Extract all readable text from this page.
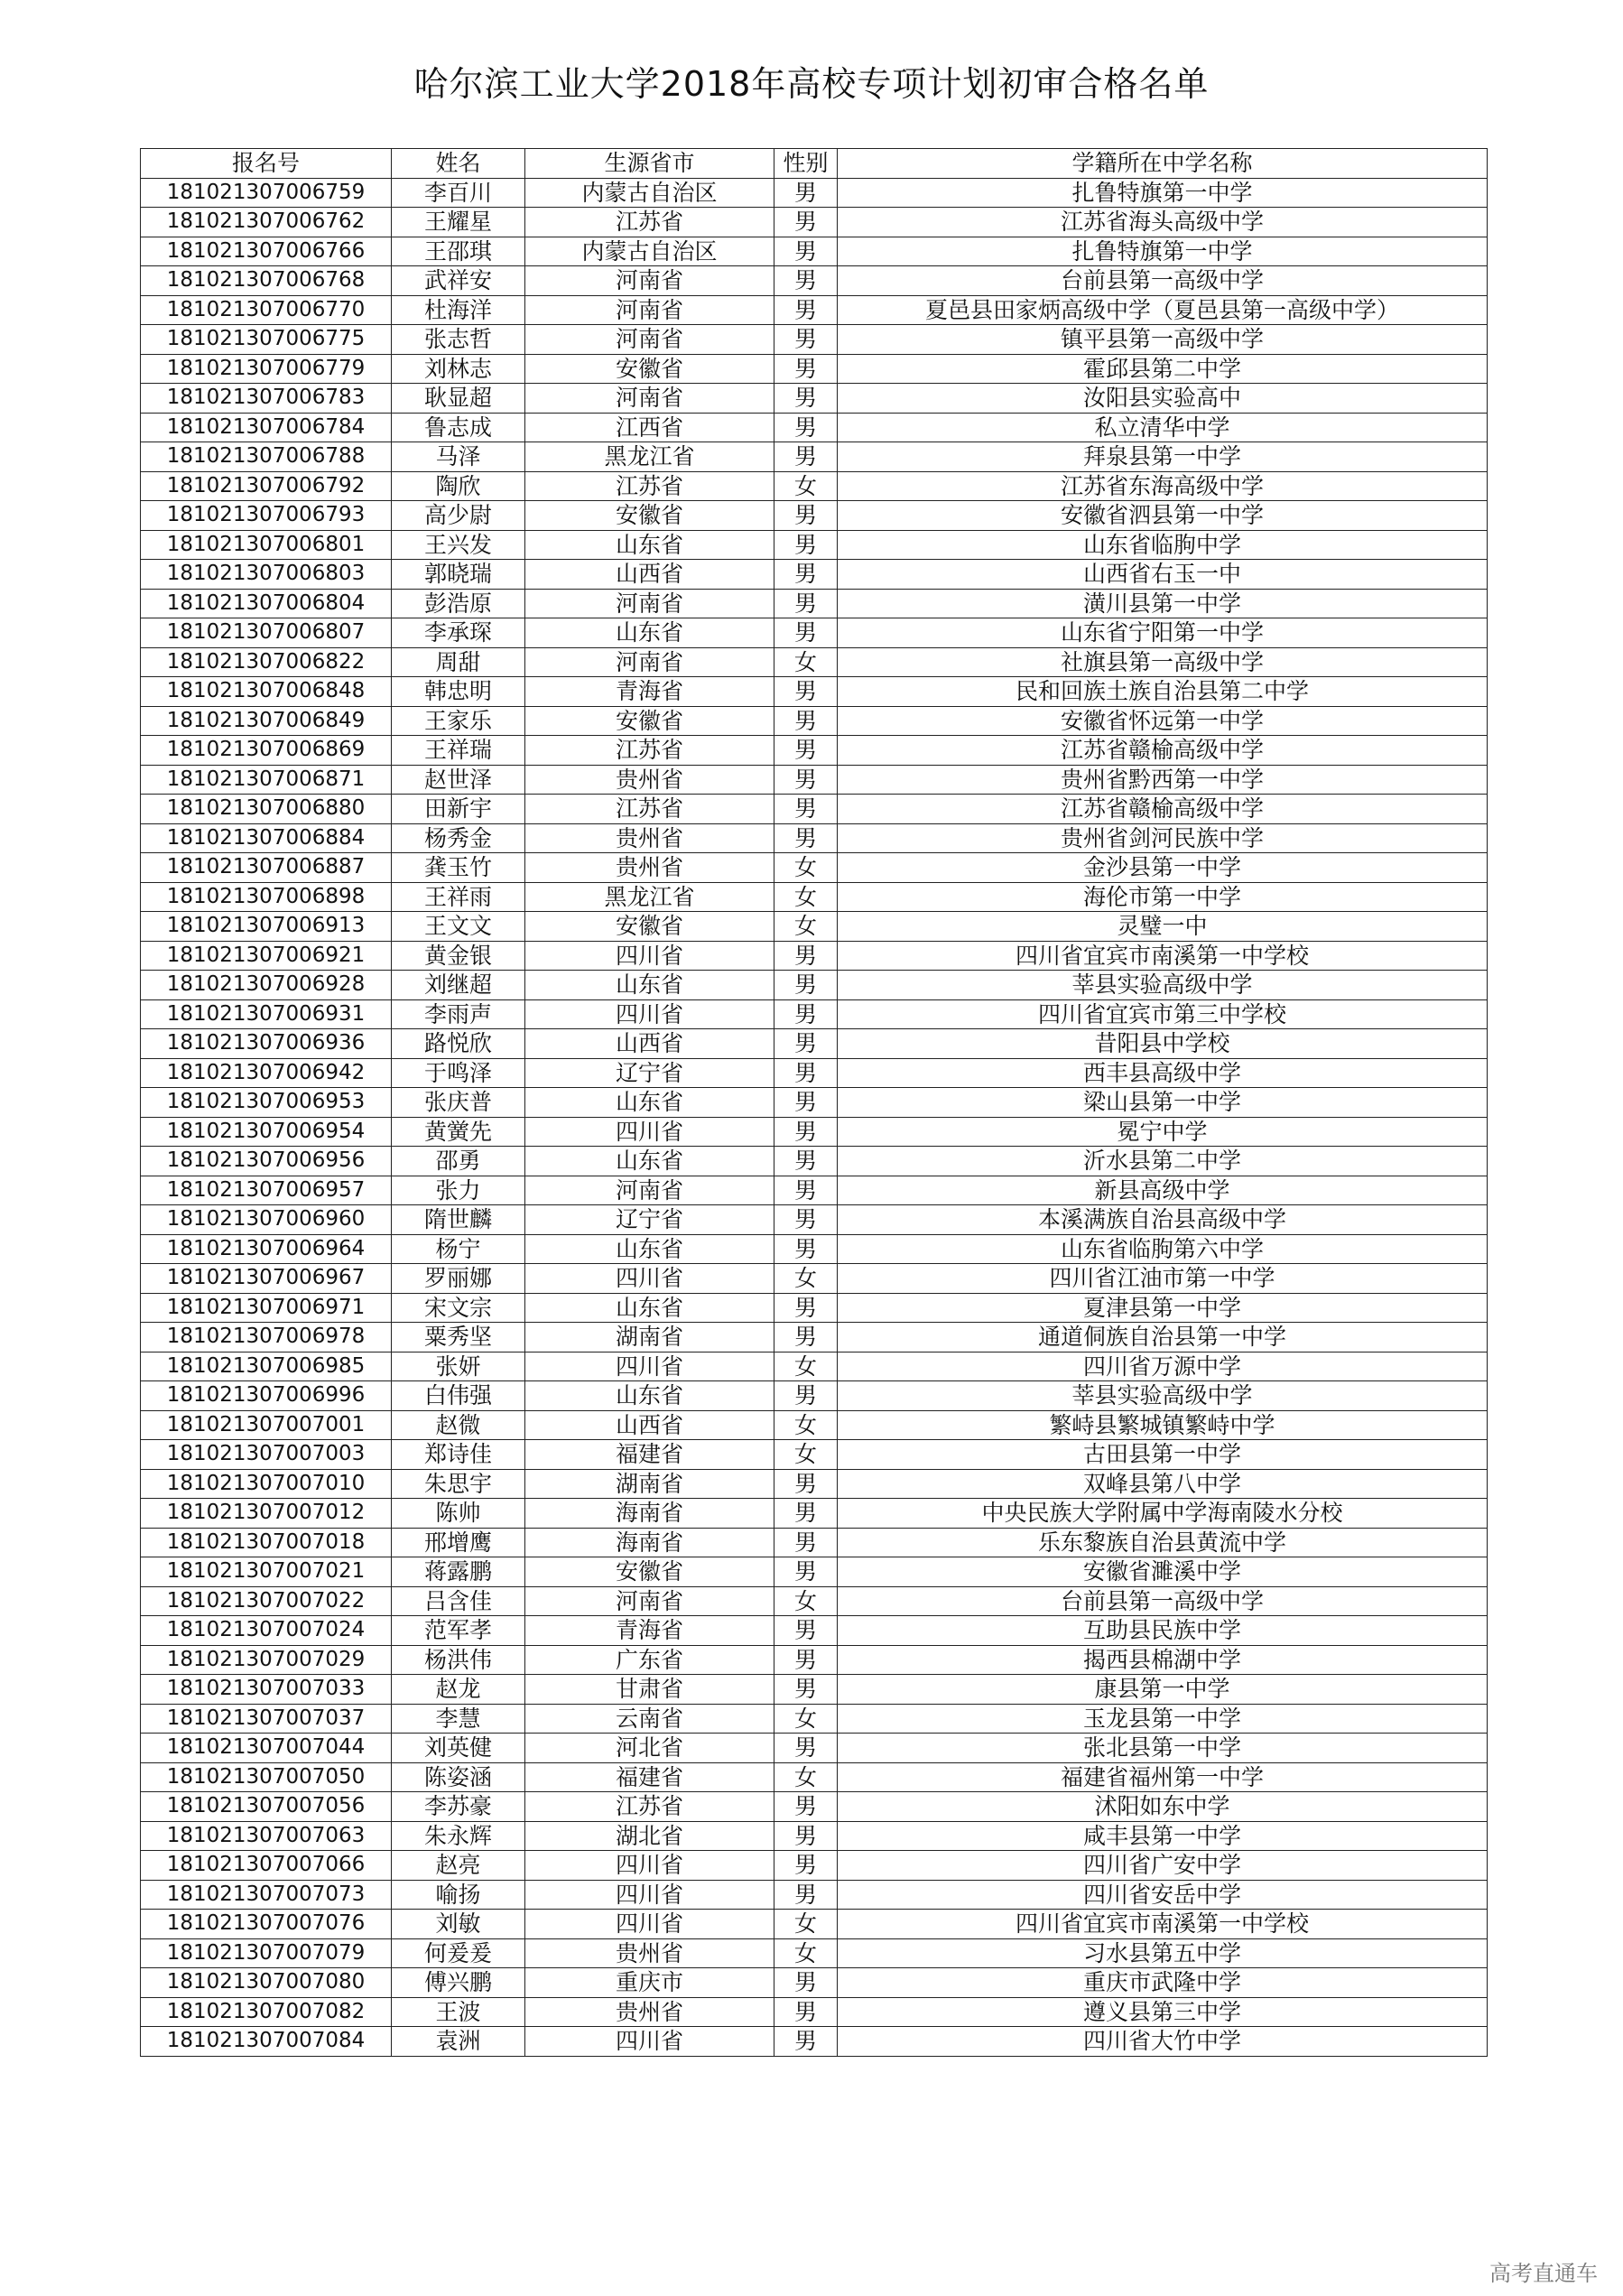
哈尔滨工业大学2018年高校专项计划初审合格名单
报名号	姓名	生源省市	性别	学籍所在中学名称
181021307006759	李百川	内蒙古自治区	男	扎鲁特旗第一中学
181021307006762	王耀星	江苏省	男	江苏省海头高级中学
181021307006766	王邵琪	内蒙古自治区	男	扎鲁特旗第一中学
181021307006768	武祥安	河南省	男	台前县第一高级中学
181021307006770	杜海洋	河南省	男	夏邑县田家炳高级中学（夏邑县第一高级中学）
181021307006775	张志哲	河南省	男	镇平县第一高级中学
181021307006779	刘林志	安徽省	男	霍邱县第二中学
181021307006783	耿显超	河南省	男	汝阳县实验高中
181021307006784	鲁志成	江西省	男	私立清华中学
181021307006788	马泽	黑龙江省	男	拜泉县第一中学
181021307006792	陶欣	江苏省	女	江苏省东海高级中学
181021307006793	高少尉	安徽省	男	安徽省泗县第一中学
181021307006801	王兴发	山东省	男	山东省临朐中学
181021307006803	郭晓瑞	山西省	男	山西省右玉一中
181021307006804	彭浩原	河南省	男	潢川县第一中学
181021307006807	李承琛	山东省	男	山东省宁阳第一中学
181021307006822	周甜	河南省	女	社旗县第一高级中学
181021307006848	韩忠明	青海省	男	民和回族土族自治县第二中学
181021307006849	王家乐	安徽省	男	安徽省怀远第一中学
181021307006869	王祥瑞	江苏省	男	江苏省赣榆高级中学
181021307006871	赵世泽	贵州省	男	贵州省黔西第一中学
181021307006880	田新宇	江苏省	男	江苏省赣榆高级中学
181021307006884	杨秀金	贵州省	男	贵州省剑河民族中学
181021307006887	龚玉竹	贵州省	女	金沙县第一中学
181021307006898	王祥雨	黑龙江省	女	海伦市第一中学
181021307006913	王文文	安徽省	女	灵璧一中
181021307006921	黄金银	四川省	男	四川省宜宾市南溪第一中学校
181021307006928	刘继超	山东省	男	莘县实验高级中学
181021307006931	李雨声	四川省	男	四川省宜宾市第三中学校
181021307006936	路悦欣	山西省	男	昔阳县中学校
181021307006942	于鸣泽	辽宁省	男	西丰县高级中学
181021307006953	张庆普	山东省	男	梁山县第一中学
181021307006954	黄黉先	四川省	男	冕宁中学
181021307006956	邵勇	山东省	男	沂水县第二中学
181021307006957	张力	河南省	男	新县高级中学
181021307006960	隋世麟	辽宁省	男	本溪满族自治县高级中学
181021307006964	杨宁	山东省	男	山东省临朐第六中学
181021307006967	罗丽娜	四川省	女	四川省江油市第一中学
181021307006971	宋文宗	山东省	男	夏津县第一中学
181021307006978	粟秀坚	湖南省	男	通道侗族自治县第一中学
181021307006985	张妍	四川省	女	四川省万源中学
181021307006996	白伟强	山东省	男	莘县实验高级中学
181021307007001	赵微	山西省	女	繁峙县繁城镇繁峙中学
181021307007003	郑诗佳	福建省	女	古田县第一中学
181021307007010	朱思宇	湖南省	男	双峰县第八中学
181021307007012	陈帅	海南省	男	中央民族大学附属中学海南陵水分校
181021307007018	邢增鹰	海南省	男	乐东黎族自治县黄流中学
181021307007021	蒋露鹏	安徽省	男	安徽省濉溪中学
181021307007022	吕含佳	河南省	女	台前县第一高级中学
181021307007024	范军孝	青海省	男	互助县民族中学
181021307007029	杨洪伟	广东省	男	揭西县棉湖中学
181021307007033	赵龙	甘肃省	男	康县第一中学
181021307007037	李慧	云南省	女	玉龙县第一中学
181021307007044	刘英健	河北省	男	张北县第一中学
181021307007050	陈姿涵	福建省	女	福建省福州第一中学
181021307007056	李苏豪	江苏省	男	沭阳如东中学
181021307007063	朱永辉	湖北省	男	咸丰县第一中学
181021307007066	赵亮	四川省	男	四川省广安中学
181021307007073	喻扬	四川省	男	四川省安岳中学
181021307007076	刘敏	四川省	女	四川省宜宾市南溪第一中学校
181021307007079	何爰爰	贵州省	女	习水县第五中学
181021307007080	傅兴鹏	重庆市	男	重庆市武隆中学
181021307007082	王波	贵州省	男	遵义县第三中学
181021307007084	袁洲	四川省	男	四川省大竹中学
高考直通车
